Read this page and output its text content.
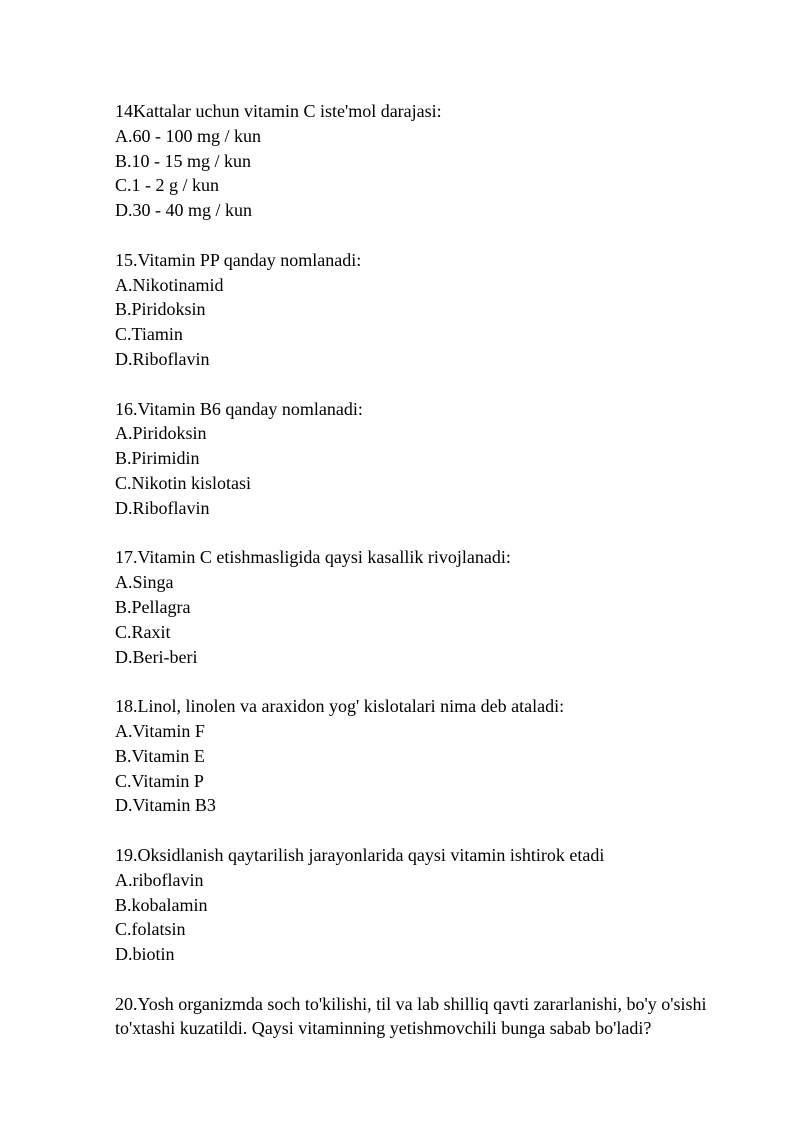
14Kattalar uchun vitamin C iste'mol darajasi:
A.60 - 100 mg / kun
B.10 - 15 mg / kun
C.1 - 2 g / kun
D.30 - 40 mg / kun
15.Vitamin PP qanday nomlanadi:
A.Nikotinamid
B.Piridoksin
C.Tiamin
D.Riboflavin
16.Vitamin B6 qanday nomlanadi:
A.Piridoksin
B.Pirimidin
C.Nikotin kislotasi
D.Riboflavin
17.Vitamin C etishmasligida qaysi kasallik rivojlanadi:
A.Singa
B.Pellagra
C.Raxit
D.Beri-beri
18.Linol, linolen va araxidon yog' kislotalari nima deb ataladi:
A.Vitamin F
B.Vitamin E
C.Vitamin P
D.Vitamin B3
19.Oksidlanish qaytarilish jarayonlarida qaysi vitamin ishtirok etadi
A.riboflavin
B.kobalamin
C.folatsin
D.biotin
20.Yosh organizmda soch to'kilishi, til va lab shilliq qavti zararlanishi, bo'y o'sishi to'xtashi kuzatildi. Qaysi vitaminning yetishmovchili bunga sabab bo'ladi?
